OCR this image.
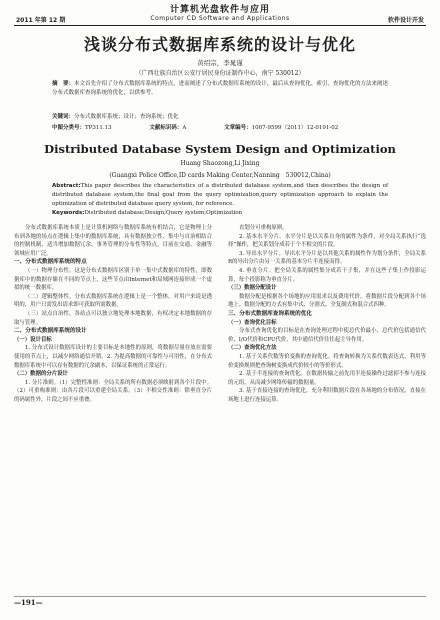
计算机光盘软件与应用
2011 年第 12 期	Computer CD Software and Applications	软件设计开发
浅谈分布式数据库系统的设计与优化
黄绍宗，李晁谨
（广西壮族自治区公安厅居民身份证制作中心，南宁 530012）
摘　要：本文首先介绍了分布式数据库系统的特点，进而阐述了分布式数据库系统的设计，最后从查询优化、索引、查询优化的方法来阐述分布式数据库查询系统的优化，以供参考。
关键词：分布式数据库系统；设计；查询系统；优化
中图分类号：TP311.13	文献标识码：A	文章编号：1007-9599（2011）12-0191-02
Distributed Database System Design and Optimization
Huang Shaozong,Li Jixing
(Guangxi Police Office,ID cards Making Center,Nanning　530012,China)
Abstract:This paper describes the characteristics of a distributed database system,and then describes the design of distributed database system,the final goal from the query optimization,query optimization approach to explain the optimization of distributed database query system, for reference.
Keywords:Distributed database;Design;Query system;Optimization

分布式数据库系统本质上是计算机网络与数据库系统有机结合，它是物理上分布到各地的场点在逻辑上集中的数据库系统，具有数据独立性、集中与自治相结合的控制机制、适当增加数据冗余、事务管理的分布性等特点，目前在交通、金融等领域应用广泛。

一、分布式数据库系统的特点

（一）物理分布性。这是分布式数据库区别于单一集中式数据库的特性，即数据库中的数据存储在不同的节点上，这些节点由Internet和局域网连接形成一个虚拟的统一数据库。

（二）逻辑整体性。分布式数据库系统在逻辑上是一个整体，对用户来说是透明的，用户只需发出请求即可获取所需数据。

（三）站点自治性。各站点可以独立地处理本地数据，有权决定本地数据的存取与管理。

二、分布式数据库系统的设计
（一）设计目标

1. 分布式设计数据库设计的主要目标是本地性的原则，将数据尽量存放在需要使用的节点上，以减少网络通信开销。2. 为提高数据的可靠性与可用性，在分布式数据库系统中可以存有数据的冗余副本，以保证系统的正常运行。

（二）数据的分片设计

1. 分片准则。（1）完整性准则：全局关系的所有数据必须映射到各个片段中。（2）可重构准则：由各片段可以重建全局关系。（3）不相交性准则：除垂直分片的码属性外，片段之间不应重叠。

直划分可重构原则。

2. 基本水平分片。水平分片是以关系自身的属性为条件，对全局关系执行“选择”操作，把关系划分成若干个不相交的片段。

3. 导出水平分片。导出水平分片是以其他关系的属性作为划分条件，全局关系R的导出分片由另一关系的基本分片半连接而得。

4. 垂直分片。把全局关系的属性集分成若干子集，并在这些子集上作投影运算，每个投影称为垂直分片。

（三）数据分配设计

数据分配是根据各个场地的应用需求以及费用代价，将数据片段分配到各个场地上。数据分配的方式有集中式、分割式、全复制式和混合式四种。

三、分布式数据库查询系统的优化
（一）查询优化目标

分布式查询优化的目标是在查询处理过程中使总代价最小，总代价包括通信代价、I/O代价和CPU代价，其中通信代价往往起主导作用。

（二）查询优化方法

1. 基于关系代数等价变换的查询优化。将查询转换为关系代数表达式，利用等价变换规则把查询树变换成代价较小的等价形式。

2. 基于半连接的查询优化。在数据传输之前先用半连接操作过滤掉不参与连接的元组，从而减少网络传输的数据量。

3. 基于直接连接的查询优化。充分利用数据片段在各场地的分布情况，直接在场地上进行连接运算。

—191—
